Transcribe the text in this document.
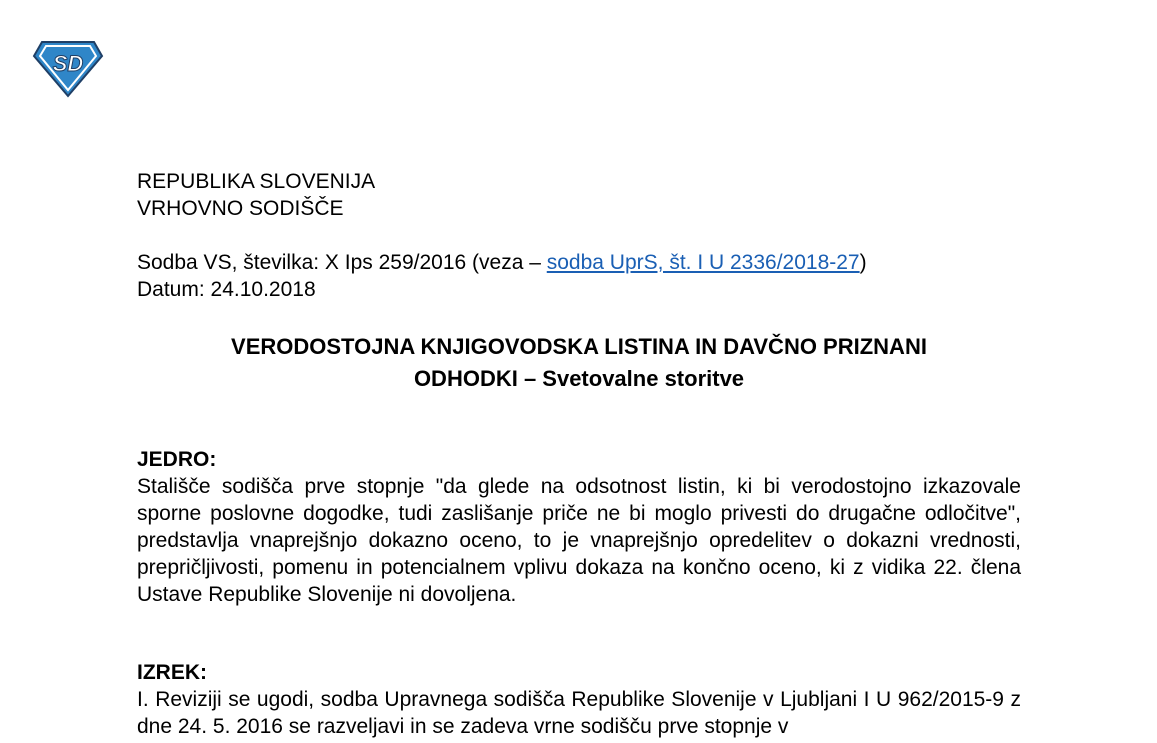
SD
REPUBLIKA SLOVENIJA
VRHOVNO SODIŠČE
Sodba VS, številka: X Ips 259/2016 (veza – sodba UprS, št. I U 2336/2018-27)
Datum: 24.10.2018
VERODOSTOJNA KNJIGOVODSKA LISTINA IN DAVČNO PRIZNANI
ODHODKI – Svetovalne storitve
JEDRO:
Stališče sodišča prve stopnje "da glede na odsotnost listin, ki bi verodostojno izkazovale sporne poslovne dogodke, tudi zaslišanje priče ne bi moglo privesti do drugačne odločitve", predstavlja vnaprejšnjo dokazno oceno, to je vnaprejšnjo opredelitev o dokazni vrednosti, prepričljivosti, pomenu in potencialnem vplivu dokaza na končno oceno, ki z vidika 22. člena Ustave Republike Slovenije ni dovoljena.
IZREK:
I. Reviziji se ugodi, sodba Upravnega sodišča Republike Slovenije v Ljubljani I U 962/2015-9 z dne 24. 5. 2016 se razveljavi in se zadeva vrne sodišču prve stopnje v
